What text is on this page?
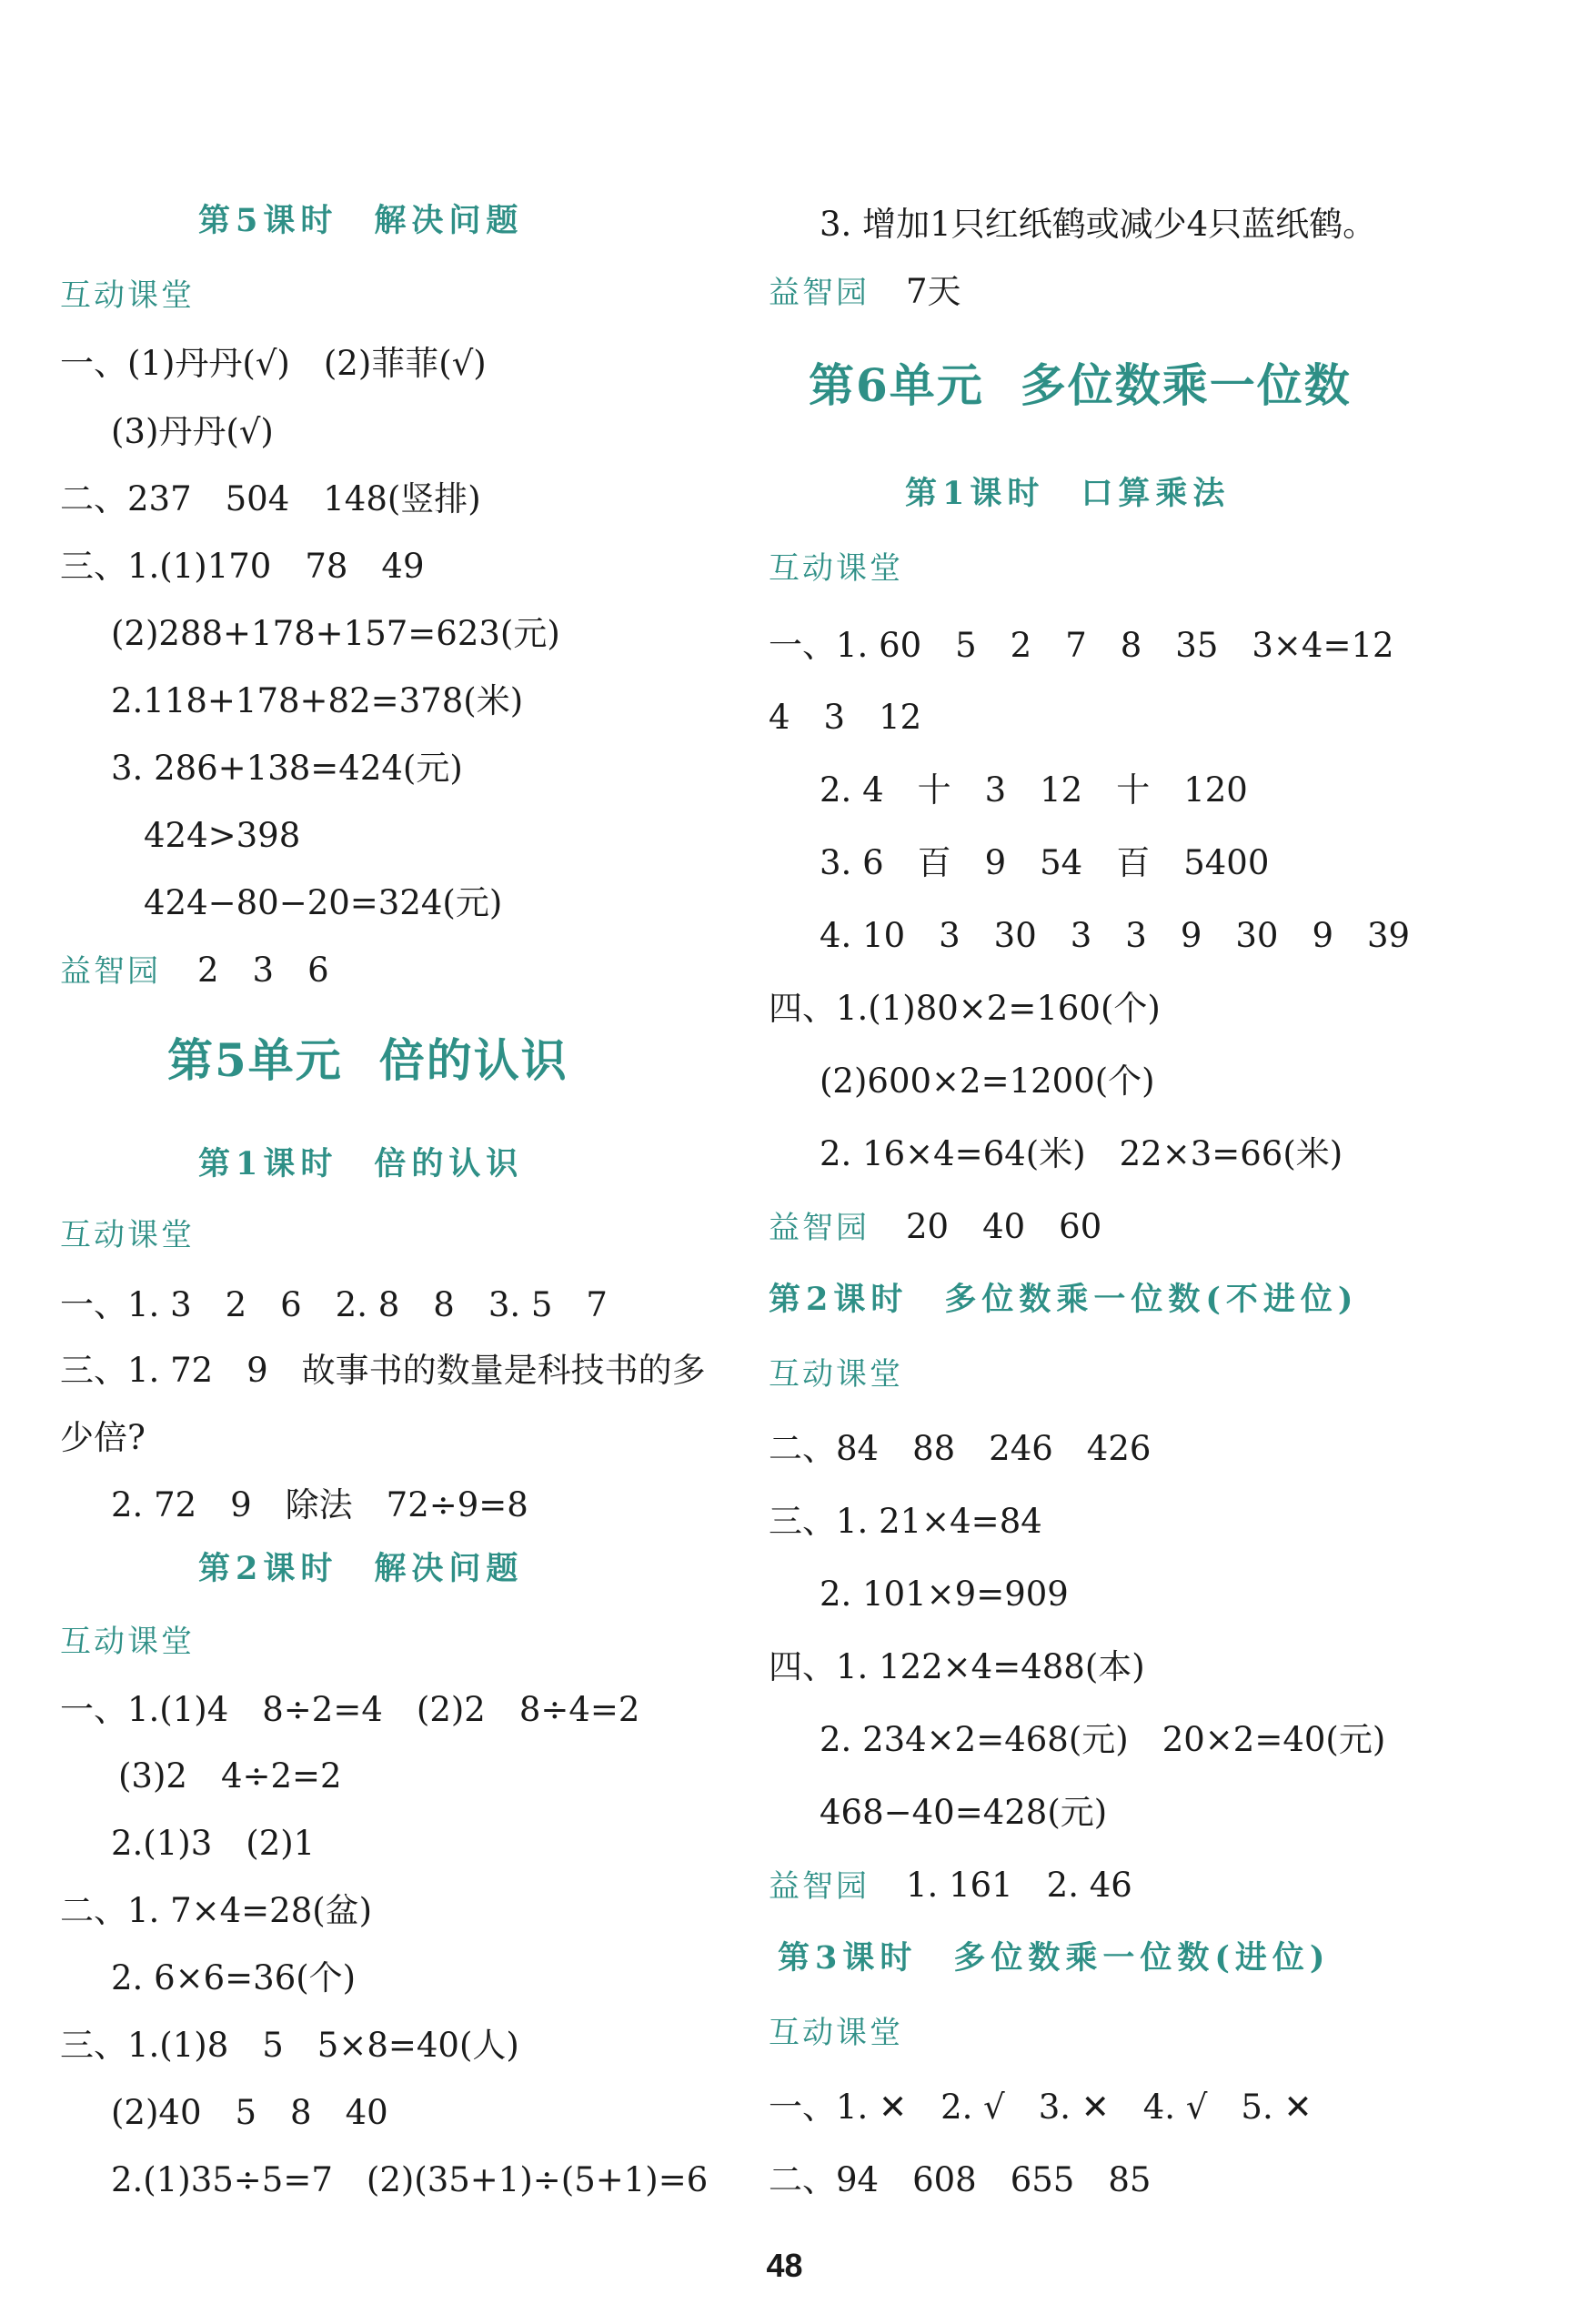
第5课时 解决问题
互动课堂
一、(1)丹丹(√)　(2)菲菲(√)
(3)丹丹(√)
二、237　504　148(竖排)
三、1.(1)170　78　49
(2)288+178+157=623(元)
2.118+178+82=378(米)
3. 286+138=424(元)
424>398
424−80−20=324(元)
益智园 2　3　6
第5单元 倍的认识
第1课时 倍的认识
互动课堂
一、1. 3　2　6　2. 8　8　3. 5　7
三、1. 72　9　故事书的数量是科技书的多
少倍?
2. 72　9　除法　72÷9=8
第2课时 解决问题
互动课堂
一、1.(1)4　8÷2=4　(2)2　8÷4=2
(3)2　4÷2=2
2.(1)3　(2)1
二、1. 7×4=28(盆)
2. 6×6=36(个)
三、1.(1)8　5　5×8=40(人)
(2)40　5　8　40
2.(1)35÷5=7　(2)(35+1)÷(5+1)=6
3. 增加1只红纸鹤或减少4只蓝纸鹤。
益智园 7天
第6单元 多位数乘一位数
第1课时 口算乘法
互动课堂
一、1. 60　5　2　7　8　35　3×4=12
4　3　12
2. 4　十　3　12　十　120
3. 6　百　9　54　百　5400
4. 10　3　30　3　3　9　30　9　39
四、1.(1)80×2=160(个)
(2)600×2=1200(个)
2. 16×4=64(米)　22×3=66(米)
益智园 20　40　60
第2课时 多位数乘一位数(不进位)
互动课堂
二、84　88　246　426
三、1. 21×4=84
2. 101×9=909
四、1. 122×4=488(本)
2. 234×2=468(元)　20×2=40(元)
468−40=428(元)
益智园 1. 161　2. 46
第3课时 多位数乘一位数(进位)
互动课堂
一、1. ✕　2. √　3. ✕　4. √　5. ✕
二、94　608　655　85
48
